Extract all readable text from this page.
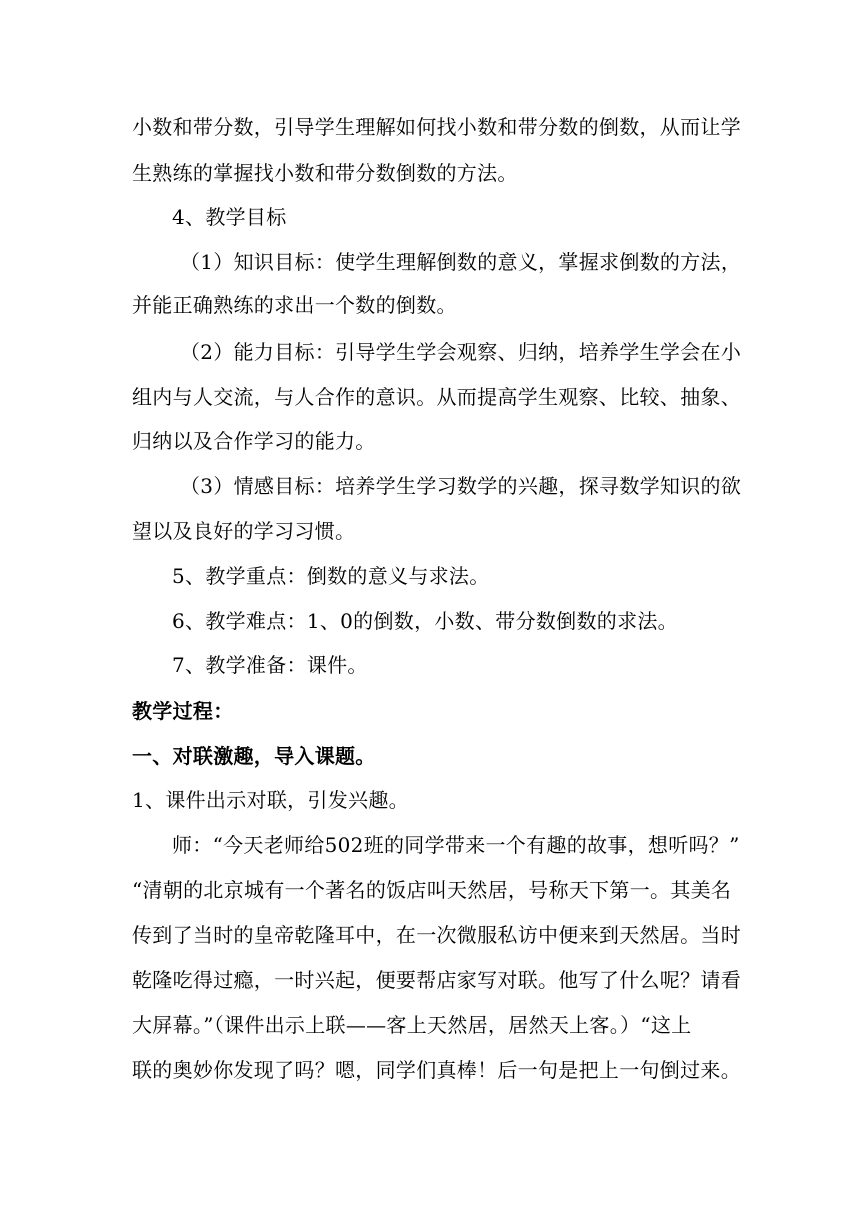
小数和带分数，引导学生理解如何找小数和带分数的倒数，从而让学
生熟练的掌握找小数和带分数倒数的方法。
4、教学目标
（1）知识目标：使学生理解倒数的意义，掌握求倒数的方法，
并能正确熟练的求出一个数的倒数。
（2）能力目标：引导学生学会观察、归纳，培养学生学会在小
组内与人交流，与人合作的意识。从而提高学生观察、比较、抽象、
归纳以及合作学习的能力。
（3）情感目标：培养学生学习数学的兴趣，探寻数学知识的欲
望以及良好的学习习惯。
5、教学重点：倒数的意义与求法。
6、教学难点：1、0的倒数，小数、带分数倒数的求法。
7、教学准备：课件。
教学过程：
一、对联激趣，导入课题。
1、课件出示对联，引发兴趣。
师：“今天老师给502班的同学带来一个有趣的故事，想听吗？”
“清朝的北京城有一个著名的饭店叫天然居，号称天下第一。其美名
传到了当时的皇帝乾隆耳中，在一次微服私访中便来到天然居。当时
乾隆吃得过瘾，一时兴起，便要帮店家写对联。他写了什么呢？请看
大屏幕。”（课件出示上联——客上天然居，居然天上客。）“这上
联的奥妙你发现了吗？嗯，同学们真棒！后一句是把上一句倒过来。
